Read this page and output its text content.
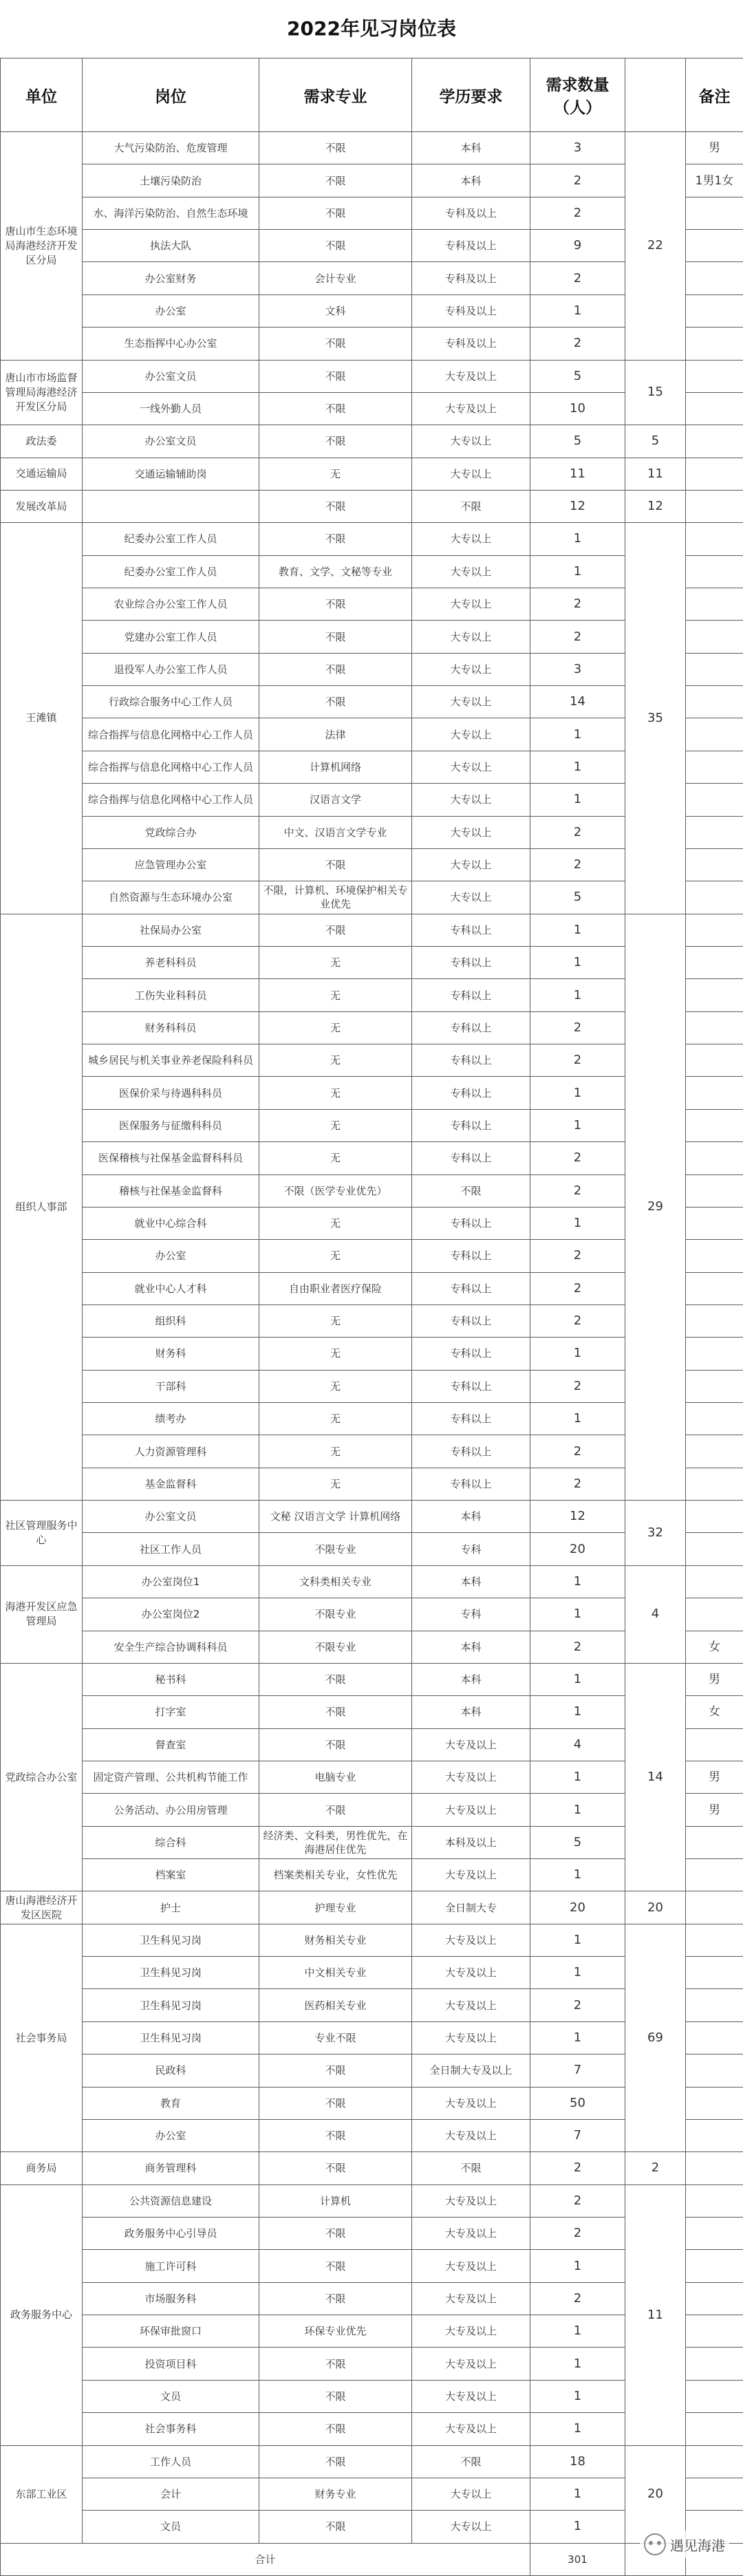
2022年见习岗位表
单位	岗位	需求专业	学历要求	需求数量（人）		备注
唐山市生态环境局海港经济开发区分局	大气污染防治、危废管理	不限	本科	3	22	男
	土壤污染防治	不限	本科	2		1男1女
	水、海洋污染防治、自然生态环境	不限	专科及以上	2		
	执法大队	不限	专科及以上	9		
	办公室财务	会计专业	专科及以上	2		
	办公室	文科	专科及以上	1		
	生态指挥中心办公室	不限	专科及以上	2		
唐山市市场监督管理局海港经济开发区分局	办公室文员	不限	大专及以上	5	15	
	一线外勤人员	不限	大专及以上	10		
政法委	办公室文员	不限	大专以上	5	5	
交通运输局	交通运输辅助岗	无	大专以上	11	11	
发展改革局		不限	不限	12	12	
王滩镇	纪委办公室工作人员	不限	大专以上	1	35	
	纪委办公室工作人员	教育、文学、文秘等专业	大专以上	1		
	农业综合办公室工作人员	不限	大专以上	2		
	党建办公室工作人员	不限	大专以上	2		
	退役军人办公室工作人员	不限	大专以上	3		
	行政综合服务中心工作人员	不限	大专以上	14		
	综合指挥与信息化网格中心工作人员	法律	大专以上	1		
	综合指挥与信息化网格中心工作人员	计算机网络	大专以上	1		
	综合指挥与信息化网格中心工作人员	汉语言文学	大专以上	1		
	党政综合办	中文、汉语言文学专业	大专以上	2		
	应急管理办公室	不限	大专以上	2		
	自然资源与生态环境办公室	不限，计算机、环境保护相关专业优先	大专以上	5		
组织人事部	社保局办公室	不限	专科以上	1	29	
	养老科科员	无	专科以上	1		
	工伤失业科科员	无	专科以上	1		
	财务科科员	无	专科以上	2		
	城乡居民与机关事业养老保险科科员	无	专科以上	2		
	医保价采与待遇科科员	无	专科以上	1		
	医保服务与征缴科科员	无	专科以上	1		
	医保稽核与社保基金监督科科员	无	专科以上	2		
	稽核与社保基金监督科	不限（医学专业优先）	不限	2		
	就业中心综合科	无	专科以上	1		
	办公室	无	专科以上	2		
	就业中心人才科	自由职业者医疗保险	专科以上	2		
	组织科	无	专科以上	2		
	财务科	无	专科以上	1		
	干部科	无	专科以上	2		
	绩考办	无	专科以上	1		
	人力资源管理科	无	专科以上	2		
	基金监督科	无	专科以上	2		
社区管理服务中心	办公室文员	文秘 汉语言文学 计算机网络	本科	12	32	
	社区工作人员	不限专业	专科	20		
海港开发区应急管理局	办公室岗位1	文科类相关专业	本科	1	4	
	办公室岗位2	不限专业	专科	1		
	安全生产综合协调科科员	不限专业	本科	2		女
党政综合办公室	秘书科	不限	本科	1	14	男
	打字室	不限	本科	1		女
	督查室	不限	大专及以上	4		
	固定资产管理、公共机构节能工作	电脑专业	大专及以上	1		男
	公务活动、办公用房管理	不限	大专及以上	1		男
	综合科	经济类、文科类，男性优先，在海港居住优先	本科及以上	5		
	档案室	档案类相关专业，女性优先	大专及以上	1		
唐山海港经济开发区医院	护士	护理专业	全日制大专	20	20	
社会事务局	卫生科见习岗	财务相关专业	大专及以上	1	69	
	卫生科见习岗	中文相关专业	大专及以上	1		
	卫生科见习岗	医药相关专业	大专及以上	2		
	卫生科见习岗	专业不限	大专及以上	1		
	民政科	不限	全日制大专及以上	7		
	教育	不限	大专及以上	50		
	办公室	不限	大专及以上	7		
商务局	商务管理科	不限	不限	2	2	
政务服务中心	公共资源信息建设	计算机	大专及以上	2	11	
	政务服务中心引导员	不限	大专及以上	2		
	施工许可科	不限	大专及以上	1		
	市场服务科	不限	大专及以上	2		
	环保审批窗口	环保专业优先	大专及以上	1		
	投资项目科	不限	大专及以上	1		
	文员	不限	大专及以上	1		
	社会事务科	不限	大专及以上	1		
东部工业区	工作人员	不限	不限	18	20	
	会计	财务专业	大专以上	1		
	文员	不限	大专以上	1		
合计				301		
遇见海港
